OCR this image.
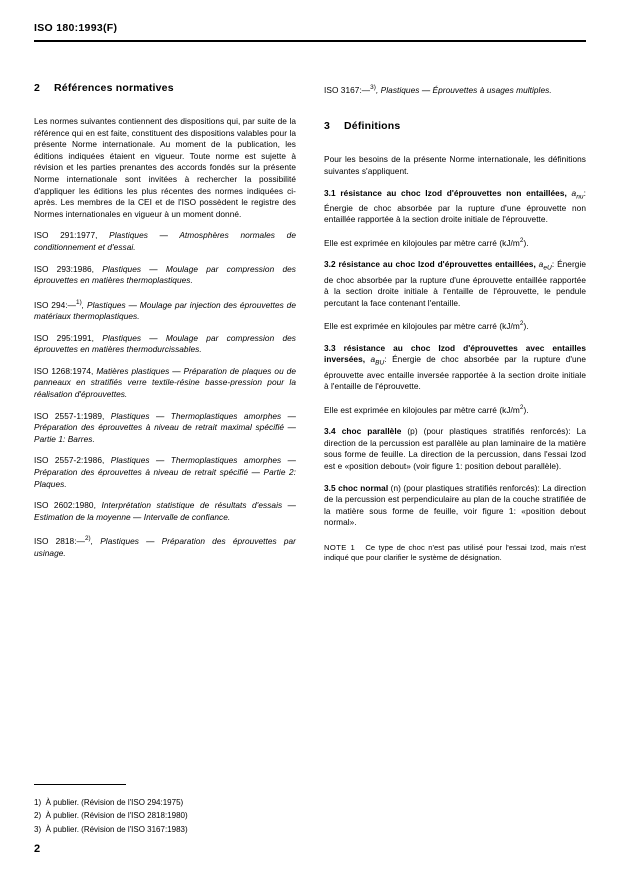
ISO 180:1993(F)
2 Références normatives

Les normes suivantes contiennent des dispositions qui, par suite de la référence qui en est faite, constituent des dispositions valables pour la présente Norme internationale. Au moment de la publication, les éditions indiquées étaient en vigueur. Toute norme est sujette à révision et les parties prenantes des accords fondés sur la présente Norme internationale sont invitées à rechercher la possibilité d'appliquer les éditions les plus récentes des normes indiquées ci-après. Les membres de la CEI et de l'ISO possèdent le registre des Normes internationales en vigueur à un moment donné.

ISO 291:1977, Plastiques — Atmosphères normales de conditionnement et d'essai.

ISO 293:1986, Plastiques — Moulage par compression des éprouvettes en matières thermoplastiques.

ISO 294:—$^{1)}$, Plastiques — Moulage par injection des éprouvettes de matériaux thermoplastiques.

ISO 295:1991, Plastiques — Moulage par compression des éprouvettes en matières thermodurcissables.

ISO 1268:1974, Matières plastiques — Préparation de plaques ou de panneaux en stratifiés verre textile-résine basse-pression pour la réalisation d'éprouvettes.

ISO 2557-1:1989, Plastiques — Thermoplastiques amorphes — Préparation des éprouvettes à niveau de retrait maximal spécifié — Partie 1: Barres.

ISO 2557-2:1986, Plastiques — Thermoplastiques amorphes — Préparation des éprouvettes à niveau de retrait spécifié — Partie 2: Plaques.

ISO 2602:1980, Interprétation statistique de résultats d'essais — Estimation de la moyenne — Intervalle de confiance.

ISO 2818:—$^{2)}$, Plastiques — Préparation des éprouvettes par usinage.

ISO 3167:—$^{3)}$, Plastiques — Éprouvettes à usages multiples.

3 Définitions

Pour les besoins de la présente Norme internationale, les définitions suivantes s'appliquent.

3.1 résistance au choc Izod d'éprouvettes non entaillées, $a_{nu}$: Énergie de choc absorbée par la rupture d'une éprouvette non entaillée rapportée à la section droite initiale de l'éprouvette.

Elle est exprimée en kilojoules par mètre carré $(kJ/m^2)$.

3.2 résistance au choc Izod d'éprouvettes entaillées, $a_{eU}$: Énergie de choc absorbée par la rupture d'une éprouvette entaillée rapportée à la section droite initiale à l'entaille de l'éprouvette, le pendule percutant la face contenant l'entaille.

Elle est exprimée en kilojoules par mètre carré $(kJ/m^2)$.

3.3 résistance au choc Izod d'éprouvettes avec entailles inversées, $a_{BU}$: Énergie de choc absorbée par la rupture d'une éprouvette avec entaille inversée rapportée à la section droite initiale à l'entaille de l'éprouvette.

Elle est exprimée en kilojoules par mètre carré $(kJ/m^2)$.

3.4 choc parallèle (p) (pour plastiques stratifiés renforcés): La direction de la percussion est parallèle au plan laminaire de la matière sous forme de feuille. La direction de la percussion, dans l'essai Izod est e «position debout» (voir figure 1: position debout parallèle).

3.5 choc normal (n) (pour plastiques stratifiés renforcés): La direction de la percussion est perpendiculaire au plan de la couche stratifiée de la matière sous forme de feuille, voir figure 1: «position debout normal».

NOTE 1 Ce type de choc n'est pas utilisé pour l'essai Izod, mais n'est indiqué que pour clarifier le système de désignation.

1) À publier. (Révision de l'ISO 294:1975)
2) À publier. (Révision de l'ISO 2818:1980)
3) À publier. (Révision de l'ISO 3167:1983)
2
